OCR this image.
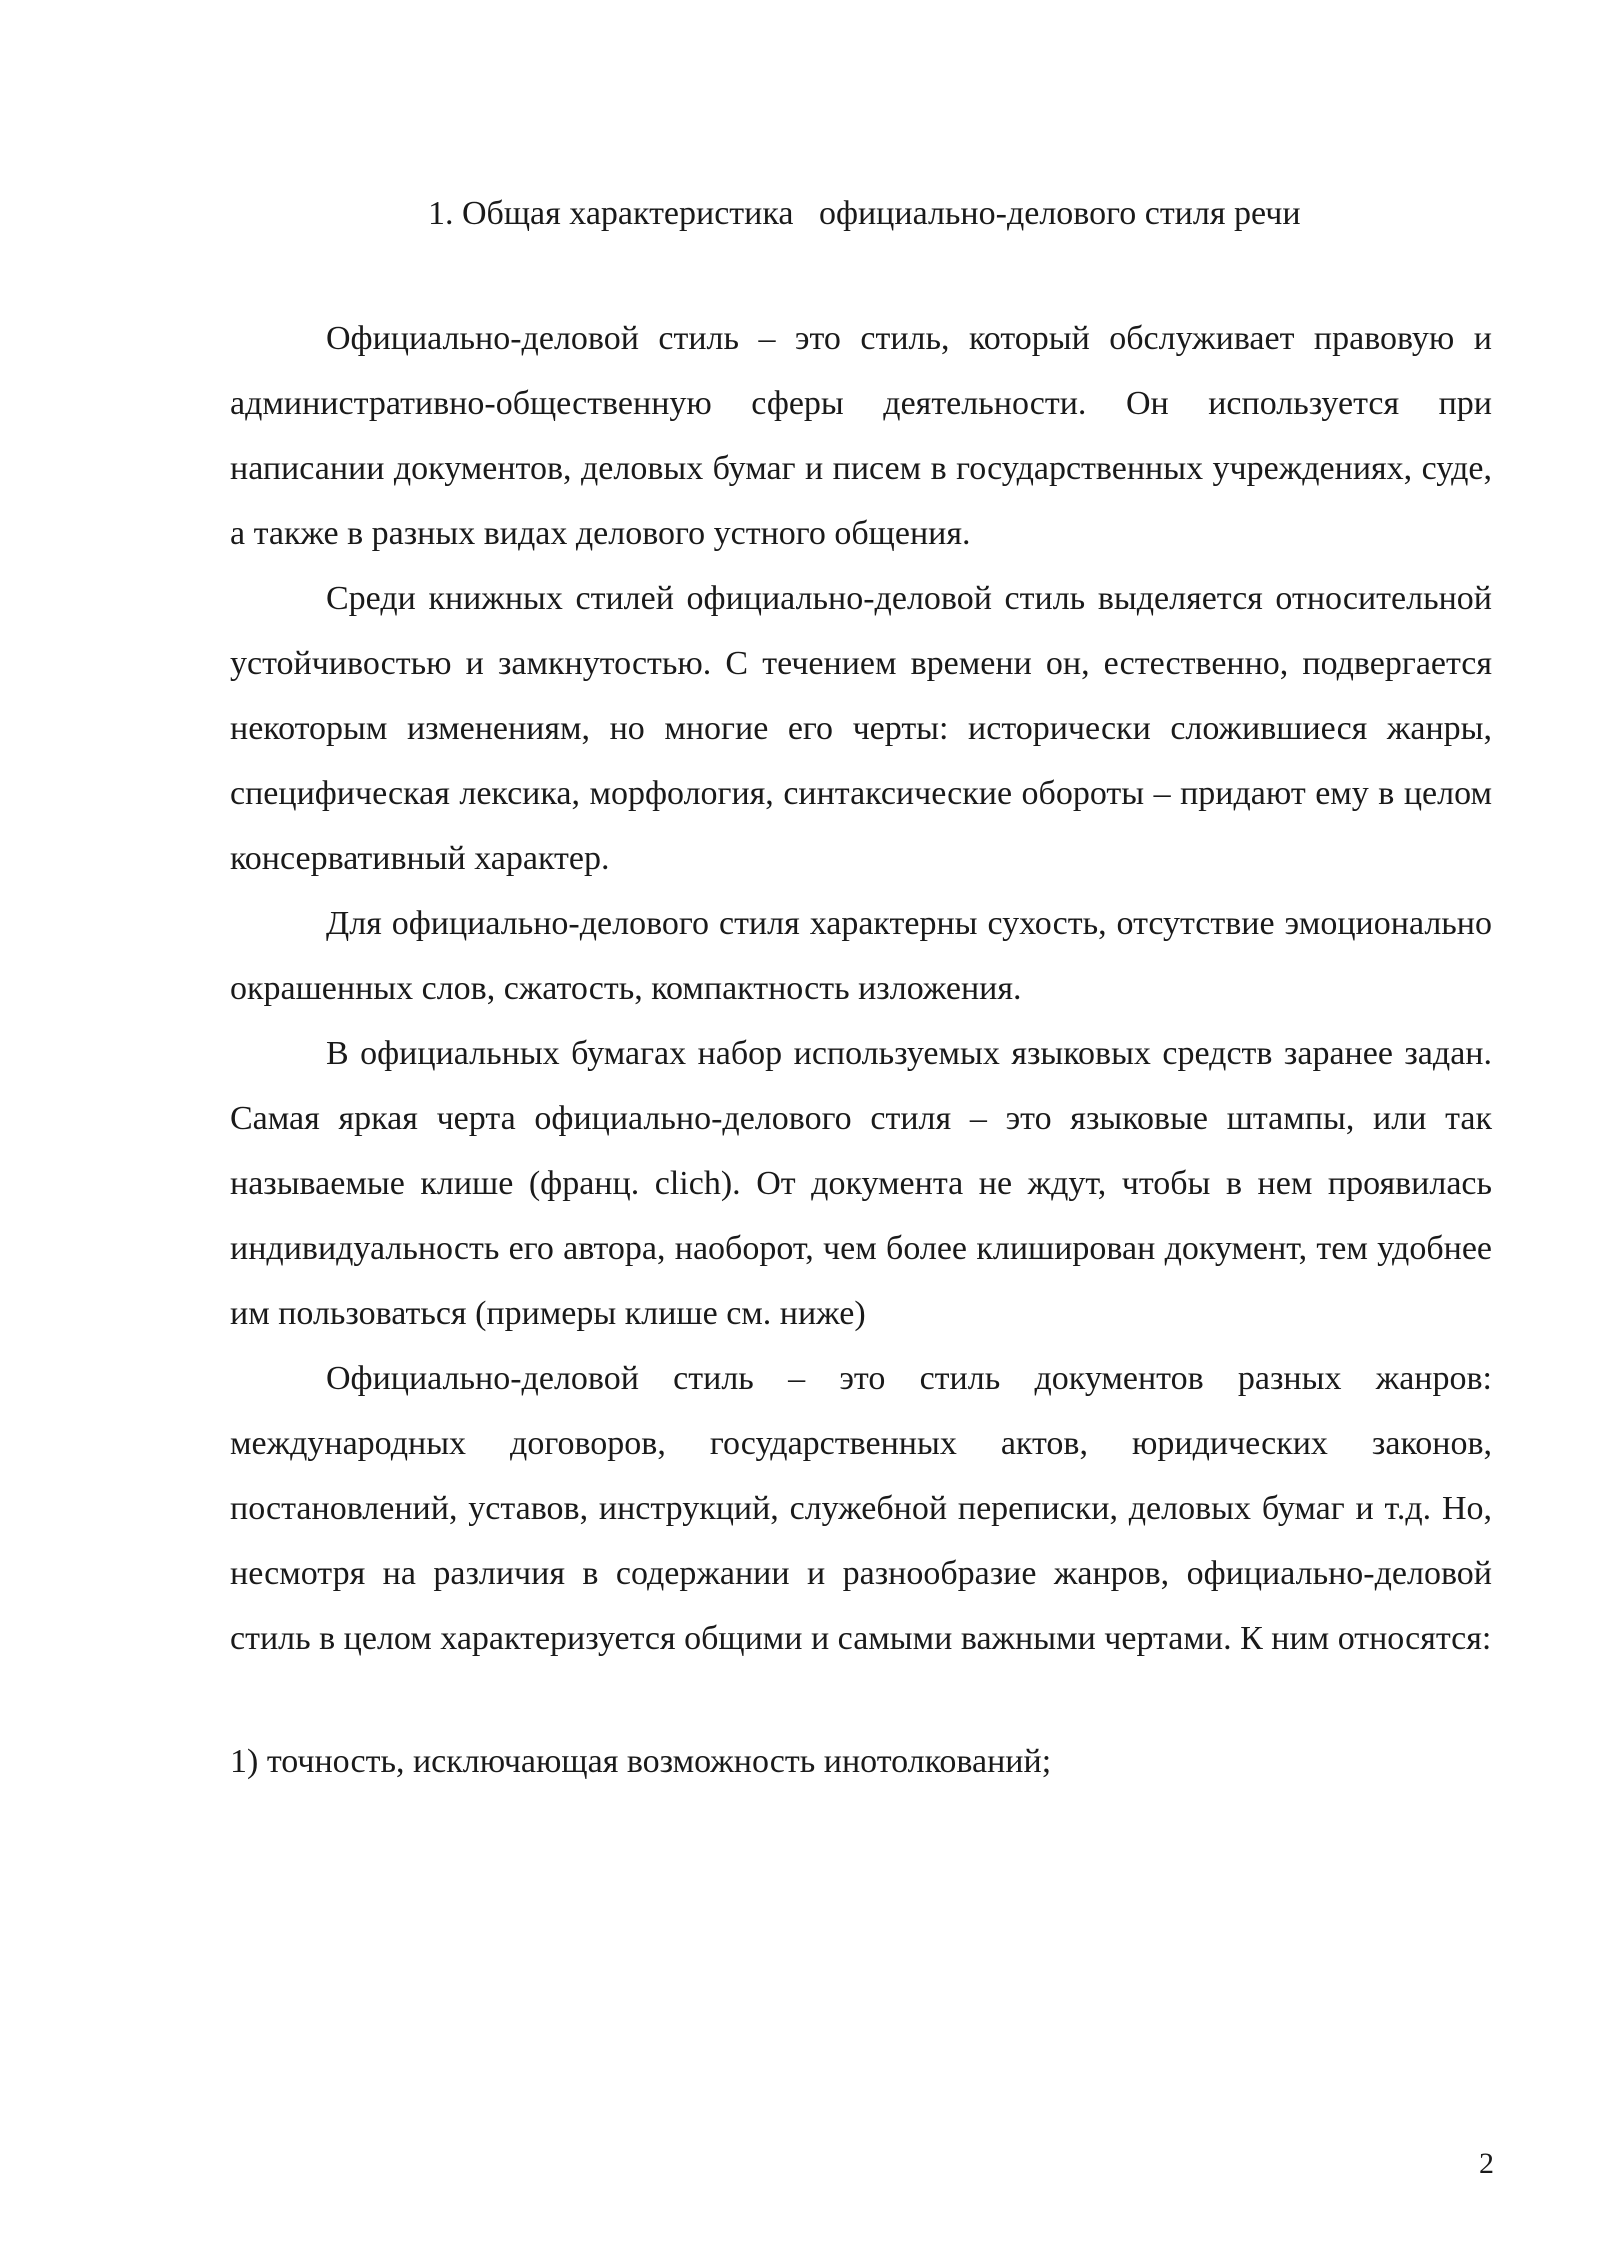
1. Общая характеристика   официально-делового стиля речи

Официально-деловой стиль – это стиль, который обслуживает правовую и административно-общественную сферы деятельности. Он используется при написании документов, деловых бумаг и писем в государственных учреждениях, суде, а также в разных видах делового устного общения.

Среди книжных стилей официально-деловой стиль выделяется относительной устойчивостью и замкнутостью. С течением времени он, естественно, подвергается некоторым изменениям, но многие его черты: исторически сложившиеся жанры, специфическая лексика, морфология, синтаксические обороты – придают ему в целом консервативный характер.

Для официально-делового стиля характерны сухость, отсутствие эмоционально окрашенных слов, сжатость, компактность изложения.

В официальных бумагах набор используемых языковых средств заранее задан. Самая яркая черта официально-делового стиля – это языковые штампы, или так называемые клише (франц. clich). От документа не ждут, чтобы в нем проявилась индивидуальность его автора, наоборот, чем более клиширован документ, тем удобнее им пользоваться (примеры клише см. ниже)

Официально-деловой стиль – это стиль документов разных жанров: международных договоров, государственных актов, юридических законов, постановлений, уставов, инструкций, служебной переписки, деловых бумаг и т.д. Но, несмотря на различия в содержании и разнообразие жанров, официально-деловой стиль в целом характеризуется общими и самыми важными чертами. К ним относятся:

1) точность, исключающая возможность инотолкований;

2
